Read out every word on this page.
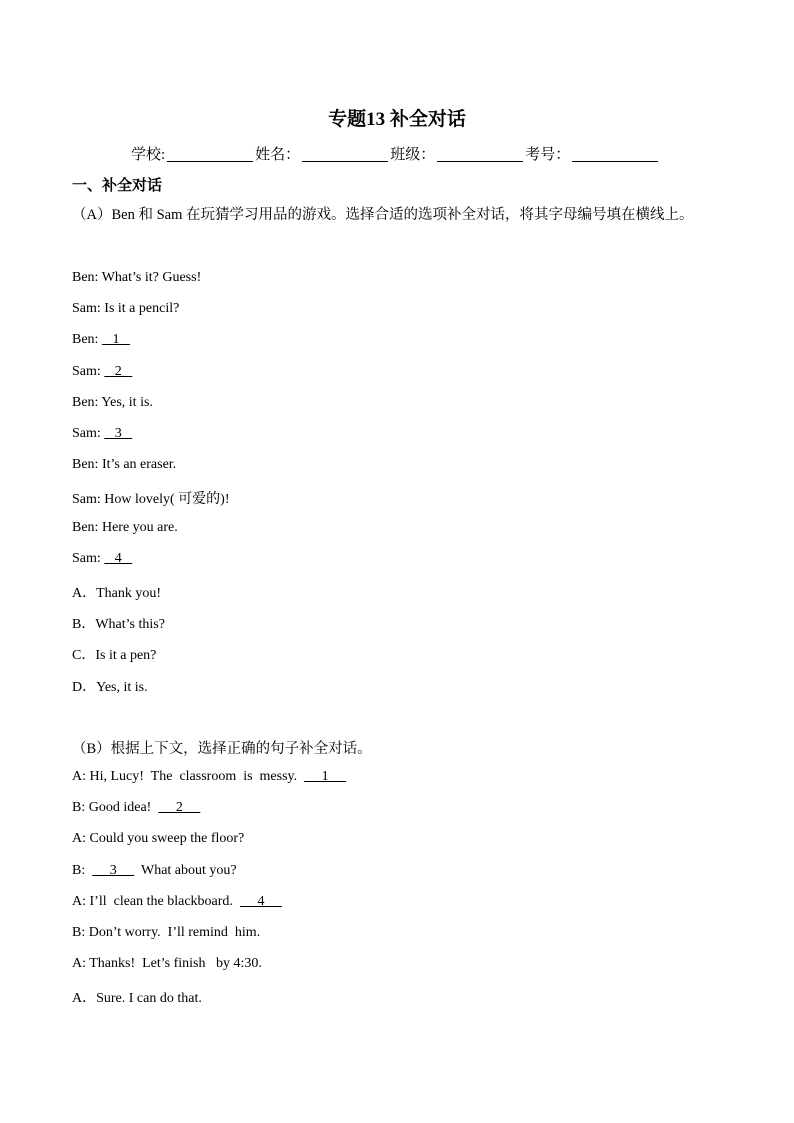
专题13 补全对话
学校:	姓名：	班级：	考号：
一、补全对话
（A）Ben 和 Sam 在玩猜学习用品的游戏。选择合适的选项补全对话，将其字母编号填在横线上。
Ben: What’s it? Guess!
Sam: Is it a pencil?
Ben:    1
Sam:    2
Ben: Yes, it is.
Sam:    3
Ben: It’s an eraser.
Sam: How lovely( 可爱的)!
Ben: Here you are.
Sam:    4
A．Thank you!
B．What’s this?
C．Is it a pen?
D．Yes, it is.
（B）根据上下文，选择正确的句子补全对话。
A: Hi, Lucy!  The  classroom  is  messy.       1
B: Good idea!       2
A: Could you sweep the floor?
B:       3       What about you?
A: I’ll  clean the blackboard.       4
B: Don’t worry.  I’ll remind  him.
A: Thanks!  Let’s finish   by 4:30.
A．Sure. I can do that.
